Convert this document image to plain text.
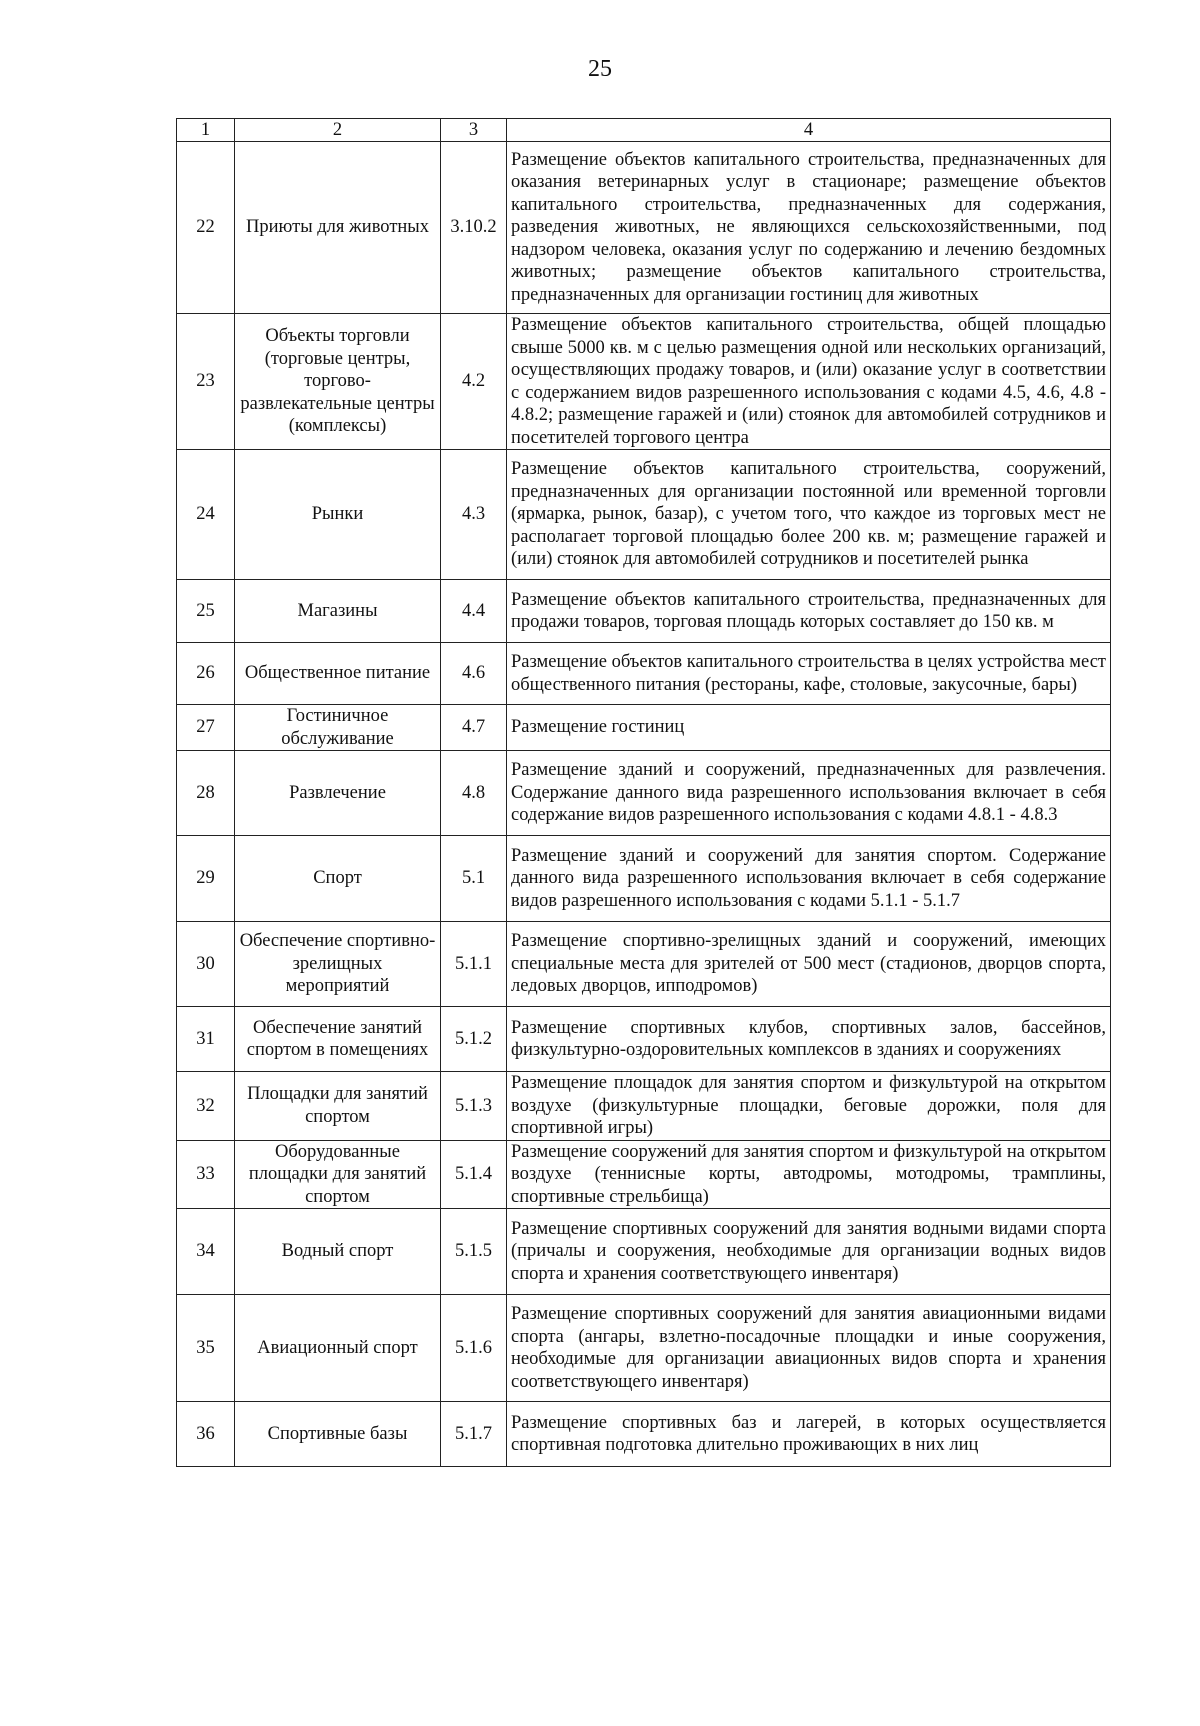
25
1	2	3	4
22	Приюты для животных	3.10.2	Размещение объектов капитального строительства, предназначенных для оказания ветеринарных услуг в стационаре; размещение объектов капитального строительства, предназначенных для содержания, разведения животных, не являющихся сельскохозяйственными, под надзором человека, оказания услуг по содержанию и лечению бездомных животных; размещение объектов капитального строительства, предназначенных для организации гостиниц для животных
23	Объекты торговли (торговые центры, торгово-развлекательные центры (комплексы)	4.2	Размещение объектов капитального строительства, общей площадью свыше 5000 кв. м с целью размещения одной или нескольких организаций, осуществляющих продажу товаров, и (или) оказание услуг в соответствии с содержанием видов разрешенного использования с кодами 4.5, 4.6, 4.8 - 4.8.2; размещение гаражей и (или) стоянок для автомобилей сотрудников и посетителей торгового центра
24	Рынки	4.3	Размещение объектов капитального строительства, сооружений, предназначенных для организации постоянной или временной торговли (ярмарка, рынок, базар), с учетом того, что каждое из торговых мест не располагает торговой площадью более 200 кв. м; размещение гаражей и (или) стоянок для автомобилей сотрудников и посетителей рынка
25	Магазины	4.4	Размещение объектов капитального строительства, предназначенных для продажи товаров, торговая площадь которых составляет до 150 кв. м
26	Общественное питание	4.6	Размещение объектов капитального строительства в целях устройства мест общественного питания (рестораны, кафе, столовые, закусочные, бары)
27	Гостиничное обслуживание	4.7	Размещение гостиниц
28	Развлечение	4.8	Размещение зданий и сооружений, предназначенных для развлечения. Содержание данного вида разрешенного использования включает в себя содержание видов разрешенного использования с кодами 4.8.1 - 4.8.3
29	Спорт	5.1	Размещение зданий и сооружений для занятия спортом. Содержание данного вида разрешенного использования включает в себя содержание видов разрешенного использования с кодами 5.1.1 - 5.1.7
30	Обеспечение спортивно-зрелищных мероприятий	5.1.1	Размещение спортивно-зрелищных зданий и сооружений, имеющих специальные места для зрителей от 500 мест (стадионов, дворцов спорта, ледовых дворцов, ипподромов)
31	Обеспечение занятий спортом в помещениях	5.1.2	Размещение спортивных клубов, спортивных залов, бассейнов, физкультурно-оздоровительных комплексов в зданиях и сооружениях
32	Площадки для занятий спортом	5.1.3	Размещение площадок для занятия спортом и физкультурой на открытом воздухе (физкультурные площадки, беговые дорожки, поля для спортивной игры)
33	Оборудованные площадки для занятий спортом	5.1.4	Размещение сооружений для занятия спортом и физкультурой на открытом воздухе (теннисные корты, автодромы, мотодромы, трамплины, спортивные стрельбища)
34	Водный спорт	5.1.5	Размещение спортивных сооружений для занятия водными видами спорта (причалы и сооружения, необходимые для организации водных видов спорта и хранения соответствующего инвентаря)
35	Авиационный спорт	5.1.6	Размещение спортивных сооружений для занятия авиационными видами спорта (ангары, взлетно-посадочные площадки и иные сооружения, необходимые для организации авиационных видов спорта и хранения соответствующего инвентаря)
36	Спортивные базы	5.1.7	Размещение спортивных баз и лагерей, в которых осуществляется спортивная подготовка длительно проживающих в них лиц
